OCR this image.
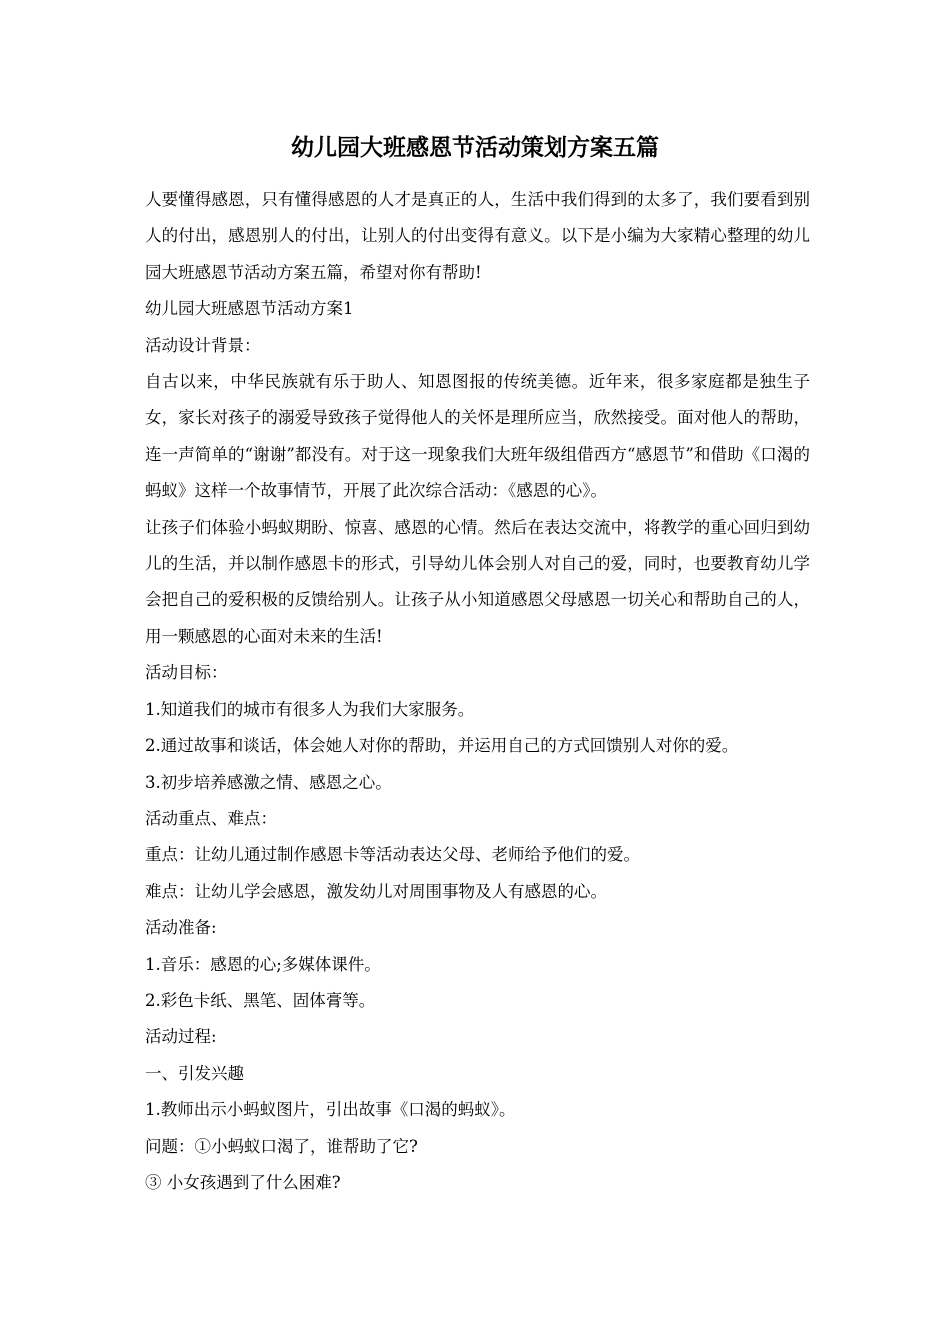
幼儿园大班感恩节活动策划方案五篇

人要懂得感恩，只有懂得感恩的人才是真正的人，生活中我们得到的太多了，我们要看到别人的付出，感恩别人的付出，让别人的付出变得有意义。以下是小编为大家精心整理的幼儿园大班感恩节活动方案五篇，希望对你有帮助!

幼儿园大班感恩节活动方案1

活动设计背景：

自古以来，中华民族就有乐于助人、知恩图报的传统美德。近年来，很多家庭都是独生子女，家长对孩子的溺爱导致孩子觉得他人的关怀是理所应当，欣然接受。面对他人的帮助，连一声简单的“谢谢”都没有。对于这一现象我们大班年级组借西方“感恩节”和借助《口渴的蚂蚁》这样一个故事情节，开展了此次综合活动：《感恩的心》。

让孩子们体验小蚂蚁期盼、惊喜、感恩的心情。然后在表达交流中，将教学的重心回归到幼儿的生活，并以制作感恩卡的形式，引导幼儿体会别人对自己的爱，同时，也要教育幼儿学会把自己的爱积极的反馈给别人。让孩子从小知道感恩父母感恩一切关心和帮助自己的人，用一颗感恩的心面对未来的生活!

活动目标：

1.知道我们的城市有很多人为我们大家服务。

2.通过故事和谈话，体会她人对你的帮助，并运用自己的方式回馈别人对你的爱。

3.初步培养感激之情、感恩之心。

活动重点、难点：

重点：让幼儿通过制作感恩卡等活动表达父母、老师给予他们的爱。

难点：让幼儿学会感恩，激发幼儿对周围事物及人有感恩的心。

活动准备:

1.音乐：感恩的心;多媒体课件。

2.彩色卡纸、黑笔、固体膏等。

活动过程:

一、引发兴趣

1.教师出示小蚂蚁图片，引出故事《口渴的蚂蚁》。

问题：①小蚂蚁口渴了，谁帮助了它?

③ 小女孩遇到了什么困难?
